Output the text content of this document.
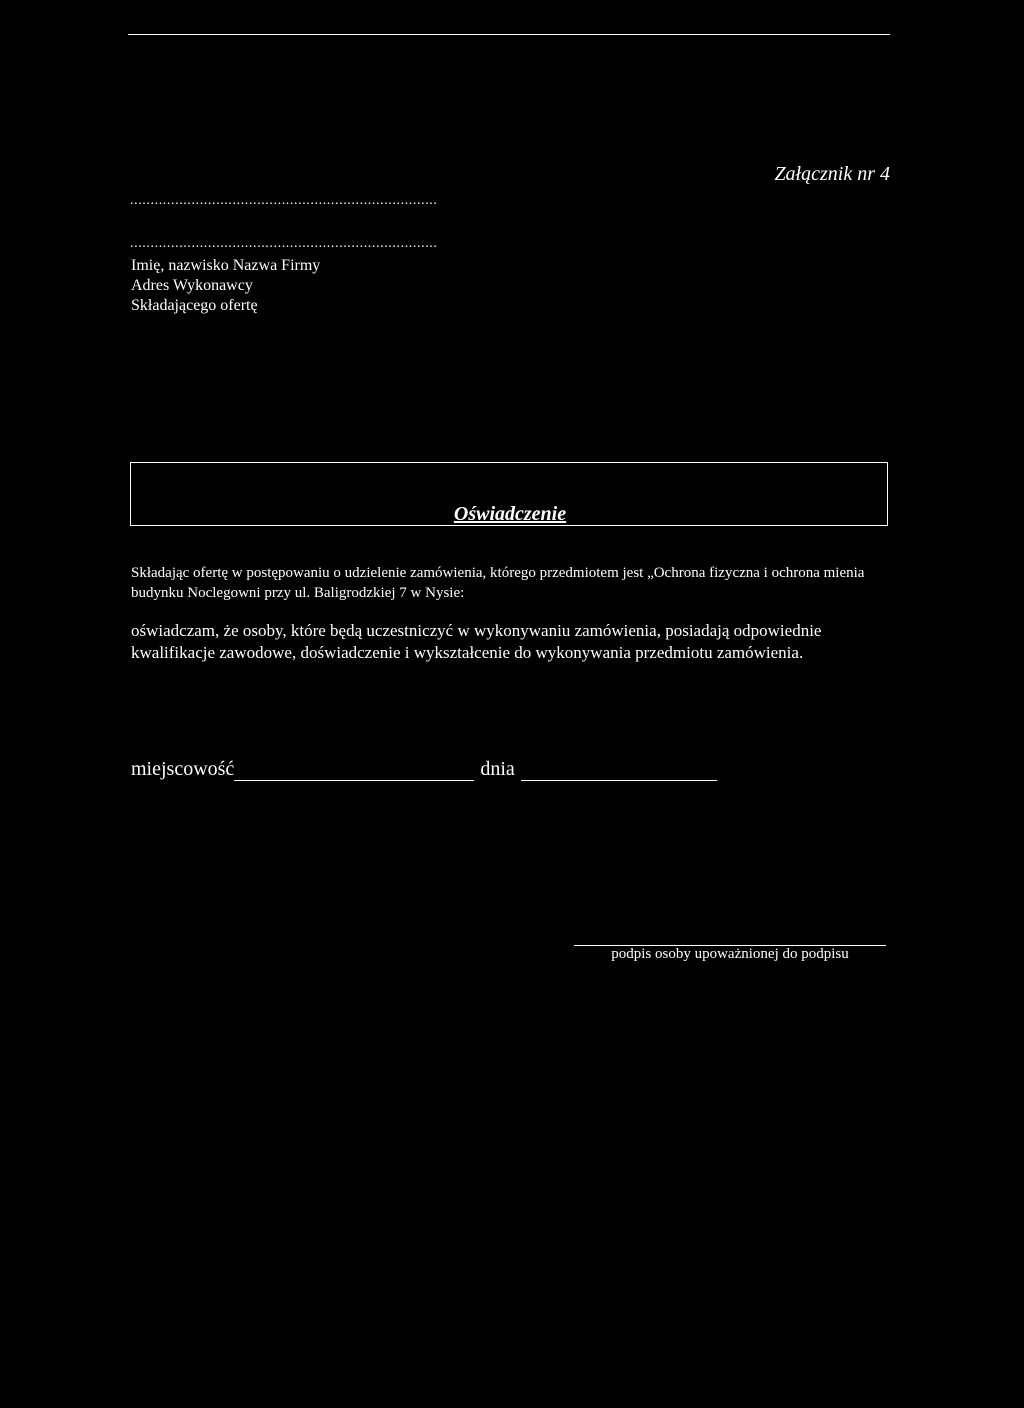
Załącznik nr 4
...........................................................................
...........................................................................
Imię, nazwisko Nazwa Firmy
Adres Wykonawcy
Składającego ofertę
Oświadczenie
Składając ofertę w postępowaniu o udzielenie zamówienia, którego przedmiotem jest „Ochrona fizyczna i ochrona mienia budynku Noclegowni przy ul. Baligrodzkiej 7 w Nysie:
oświadczam, że osoby, które będą uczestniczyć w wykonywaniu zamówienia, posiadają odpowiednie kwalifikacje zawodowe, doświadczenie i wykształcenie do wykonywania przedmiotu zamówienia.
miejscowość	dnia
podpis osoby upoważnionej do podpisu
